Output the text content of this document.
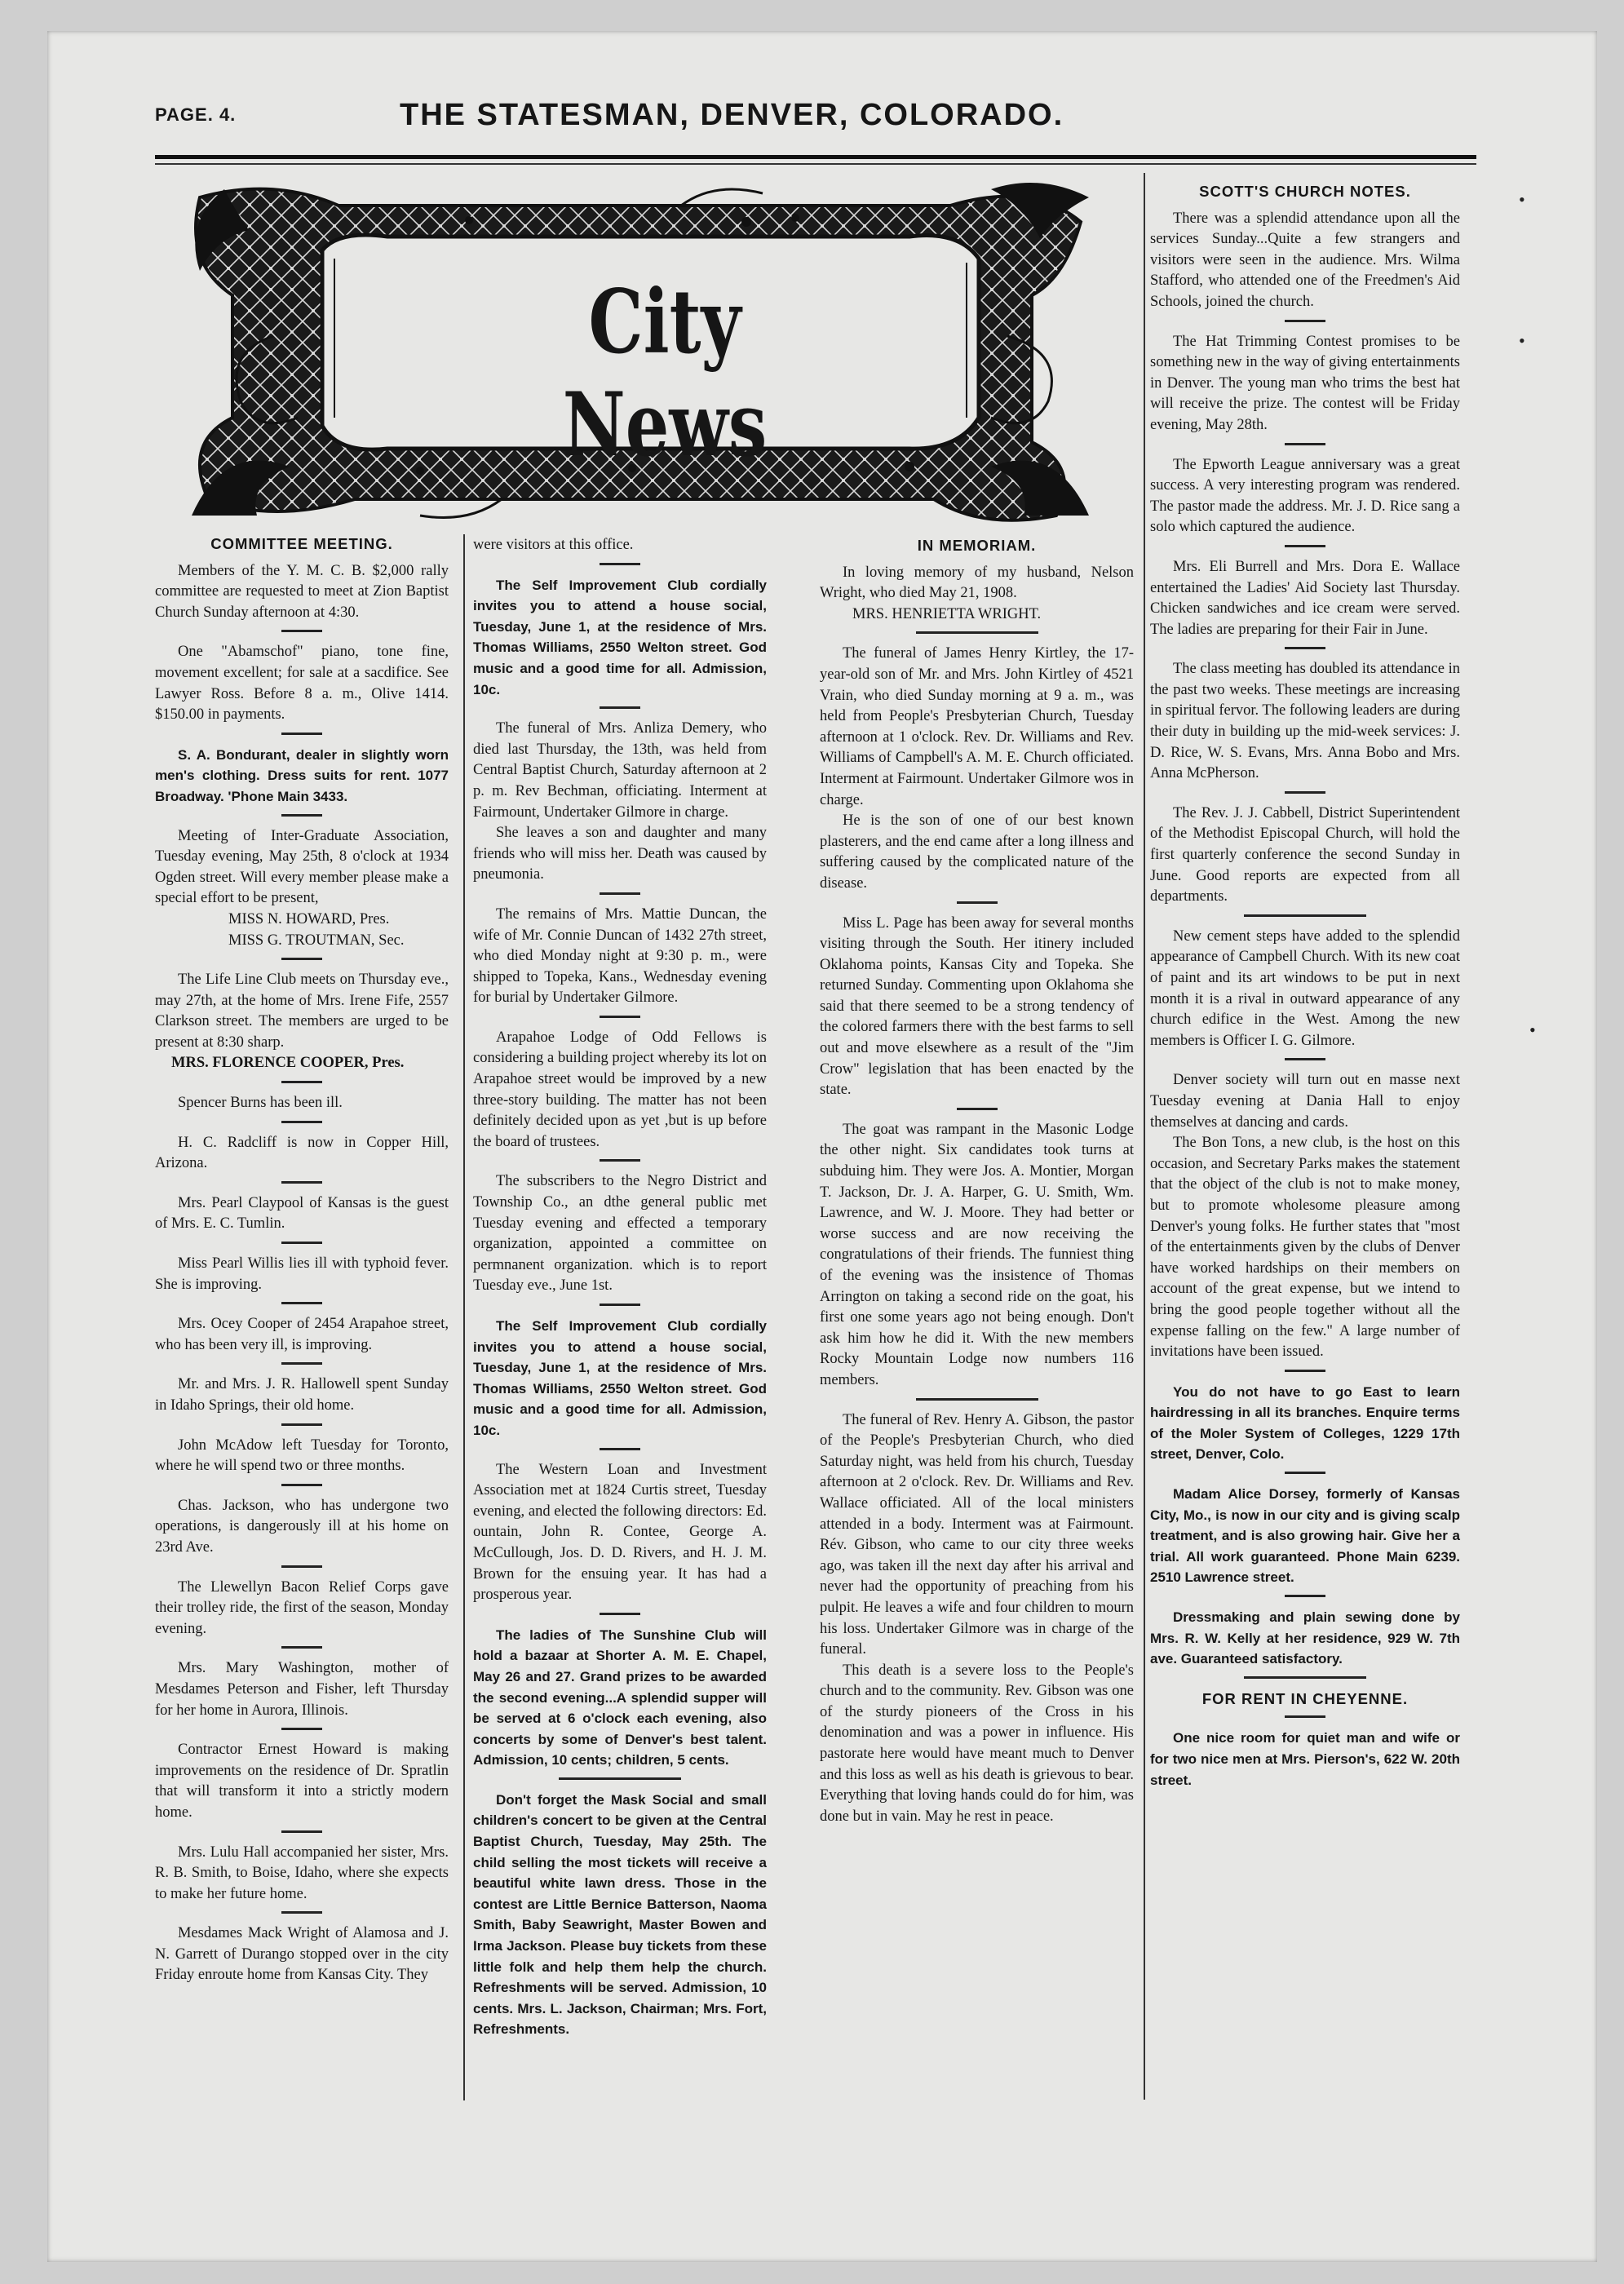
PAGE. 4.	THE STATESMAN, DENVER, COLORADO.
City News
COMMITTEE MEETING.

Members of the Y. M. C. B. $2,000 rally committee are requested to meet at Zion Baptist Church Sunday afternoon at 4:30.

One "Abamschof" piano, tone fine, movement excellent; for sale at a sacdifice. See Lawyer Ross. Before 8 a. m., Olive 1414. $150.00 in payments.

S. A. Bondurant, dealer in slightly worn men's clothing. Dress suits for rent. 1077 Broadway. 'Phone Main 3433.

Meeting of Inter-Graduate Association, Tuesday evening, May 25th, 8 o'clock at 1934 Ogden street. Will every member please make a special effort to be present,

MISS N. HOWARD, Pres.

MISS G. TROUTMAN, Sec.

The Life Line Club meets on Thursday eve., may 27th, at the home of Mrs. Irene Fife, 2557 Clarkson street. The members are urged to be present at 8:30 sharp.

MRS. FLORENCE COOPER, Pres.

Spencer Burns has been ill.

H. C. Radcliff is now in Copper Hill, Arizona.

Mrs. Pearl Claypool of Kansas is the guest of Mrs. E. C. Tumlin.

Miss Pearl Willis lies ill with typhoid fever. She is improving.

Mrs. Ocey Cooper of 2454 Arapahoe street, who has been very ill, is improving.

Mr. and Mrs. J. R. Hallowell spent Sunday in Idaho Springs, their old home.

John McAdow left Tuesday for Toronto, where he will spend two or three months.

Chas. Jackson, who has undergone two operations, is dangerously ill at his home on 23rd Ave.

The Llewellyn Bacon Relief Corps gave their trolley ride, the first of the season, Monday evening.

Mrs. Mary Washington, mother of Mesdames Peterson and Fisher, left Thursday for her home in Aurora, Illinois.

Contractor Ernest Howard is making improvements on the residence of Dr. Spratlin that will transform it into a strictly modern home.

Mrs. Lulu Hall accompanied her sister, Mrs. R. B. Smith, to Boise, Idaho, where she expects to make her future home.

Mesdames Mack Wright of Alamosa and J. N. Garrett of Durango stopped over in the city Friday enroute home from Kansas City. They

were visitors at this office.

The Self Improvement Club cordially invites you to attend a house social, Tuesday, June 1, at the residence of Mrs. Thomas Williams, 2550 Welton street. God music and a good time for all. Admission, 10c.

The funeral of Mrs. Anliza Demery, who died last Thursday, the 13th, was held from Central Baptist Church, Saturday afternoon at 2 p. m. Rev Bechman, officiating. Interment at Fairmount, Undertaker Gilmore in charge.

She leaves a son and daughter and many friends who will miss her. Death was caused by pneumonia.

The remains of Mrs. Mattie Duncan, the wife of Mr. Connie Duncan of 1432 27th street, who died Monday night at 9:30 p. m., were shipped to Topeka, Kans., Wednesday evening for burial by Undertaker Gilmore.

Arapahoe Lodge of Odd Fellows is considering a building project whereby its lot on Arapahoe street would be improved by a new three-story building. The matter has not been definitely decided upon as yet ,but is up before the board of trustees.

The subscribers to the Negro District and Township Co., an dthe general public met Tuesday evening and effected a temporary organization, appointed a committee on permnanent organization. which is to report Tuesday eve., June 1st.

The Self Improvement Club cordially invites you to attend a house social, Tuesday, June 1, at the residence of Mrs. Thomas Williams, 2550 Welton street. God music and a good time for all. Admission, 10c.

The Western Loan and Investment Association met at 1824 Curtis street, Tuesday evening, and elected the following directors: Ed. ountain, John R. Contee, George A. McCullough, Jos. D. D. Rivers, and H. J. M. Brown for the ensuing year. It has had a prosperous year.

The ladies of The Sunshine Club will hold a bazaar at Shorter A. M. E. Chapel, May 26 and 27. Grand prizes to be awarded the second evening...A splendid supper will be served at 6 o'clock each evening, also concerts by some of Denver's best talent. Admission, 10 cents; children, 5 cents.

Don't forget the Mask Social and small children's concert to be given at the Central Baptist Church, Tuesday, May 25th. The child selling the most tickets will receive a beautiful white lawn dress. Those in the contest are Little Bernice Batterson, Naoma Smith, Baby Seawright, Master Bowen and Irma Jackson. Please buy tickets from these little folk and help them help the church. Refreshments will be served. Admission, 10 cents. Mrs. L. Jackson, Chairman; Mrs. Fort, Refreshments.

IN MEMORIAM.

In loving memory of my husband, Nelson Wright, who died May 21, 1908.

MRS. HENRIETTA WRIGHT.

The funeral of James Henry Kirtley, the 17-year-old son of Mr. and Mrs. John Kirtley of 4521 Vrain, who died Sunday morning at 9 a. m., was held from People's Presbyterian Church, Tuesday afternoon at 1 o'clock. Rev. Dr. Williams and Rev. Williams of Campbell's A. M. E. Church officiated. Interment at Fairmount. Undertaker Gilmore wos in charge.

He is the son of one of our best known plasterers, and the end came after a long illness and suffering caused by the complicated nature of the disease.

Miss L. Page has been away for several months visiting through the South. Her itinery included Oklahoma points, Kansas City and Topeka. She returned Sunday. Commenting upon Oklahoma she said that there seemed to be a strong tendency of the colored farmers there with the best farms to sell out and move elsewhere as a result of the "Jim Crow" legislation that has been enacted by the state.

The goat was rampant in the Masonic Lodge the other night. Six candidates took turns at subduing him. They were Jos. A. Montier, Morgan T. Jackson, Dr. J. A. Harper, G. U. Smith, Wm. Lawrence, and W. J. Moore. They had better or worse success and are now receiving the congratulations of their friends. The funniest thing of the evening was the insistence of Thomas Arrington on taking a second ride on the goat, his first one some years ago not being enough. Don't ask him how he did it. With the new members Rocky Mountain Lodge now numbers 116 members.

The funeral of Rev. Henry A. Gibson, the pastor of the People's Presbyterian Church, who died Saturday night, was held from his church, Tuesday afternoon at 2 o'clock. Rev. Dr. Williams and Rev. Wallace officiated. All of the local ministers attended in a body. Interment was at Fairmount. Rév. Gibson, who came to our city three weeks ago, was taken ill the next day after his arrival and never had the opportunity of preaching from his pulpit. He leaves a wife and four children to mourn his loss. Undertaker Gilmore was in charge of the funeral.

This death is a severe loss to the People's church and to the community. Rev. Gibson was one of the sturdy pioneers of the Cross in his denomination and was a power in influence. His pastorate here would have meant much to Denver and this loss as well as his death is grievous to bear. Everything that loving hands could do for him, was done but in vain. May he rest in peace.

SCOTT'S CHURCH NOTES.

There was a splendid attendance upon all the services Sunday...Quite a few strangers and visitors were seen in the audience. Mrs. Wilma Stafford, who attended one of the Freedmen's Aid Schools, joined the church.

The Hat Trimming Contest promises to be something new in the way of giving entertainments in Denver. The young man who trims the best hat will receive the prize. The contest will be Friday evening, May 28th.

The Epworth League anniversary was a great success. A very interesting program was rendered. The pastor made the address. Mr. J. D. Rice sang a solo which captured the audience.

Mrs. Eli Burrell and Mrs. Dora E. Wallace entertained the Ladies' Aid Society last Thursday. Chicken sandwiches and ice cream were served. The ladies are preparing for their Fair in June.

The class meeting has doubled its attendance in the past two weeks. These meetings are increasing in spiritual fervor. The following leaders are during their duty in building up the mid-week services: J. D. Rice, W. S. Evans, Mrs. Anna Bobo and Mrs. Anna McPherson.

The Rev. J. J. Cabbell, District Superintendent of the Methodist Episcopal Church, will hold the first quarterly conference the second Sunday in June. Good reports are expected from all departments.

New cement steps have added to the splendid appearance of Campbell Church. With its new coat of paint and its art windows to be put in next month it is a rival in outward appearance of any church edifice in the West. Among the new members is Officer I. G. Gilmore.

Denver society will turn out en masse next Tuesday evening at Dania Hall to enjoy themselves at dancing and cards.

The Bon Tons, a new club, is the host on this occasion, and Secretary Parks makes the statement that the object of the club is not to make money, but to promote wholesome pleasure among Denver's young folks. He further states that "most of the entertainments given by the clubs of Denver have worked hardships on their members on account of the great expense, but we intend to bring the good people together without all the expense falling on the few." A large number of invitations have been issued.

You do not have to go East to learn hairdressing in all its branches. Enquire terms of the Moler System of Colleges, 1229 17th street, Denver, Colo.

Madam Alice Dorsey, formerly of Kansas City, Mo., is now in our city and is giving scalp treatment, and is also growing hair. Give her a trial. All work guaranteed. Phone Main 6239. 2510 Lawrence street.

Dressmaking and plain sewing done by Mrs. R. W. Kelly at her residence, 929 W. 7th ave. Guaranteed satisfactory.

FOR RENT IN CHEYENNE.

One nice room for quiet man and wife or for two nice men at Mrs. Pierson's, 622 W. 20th street.

•
•
•
